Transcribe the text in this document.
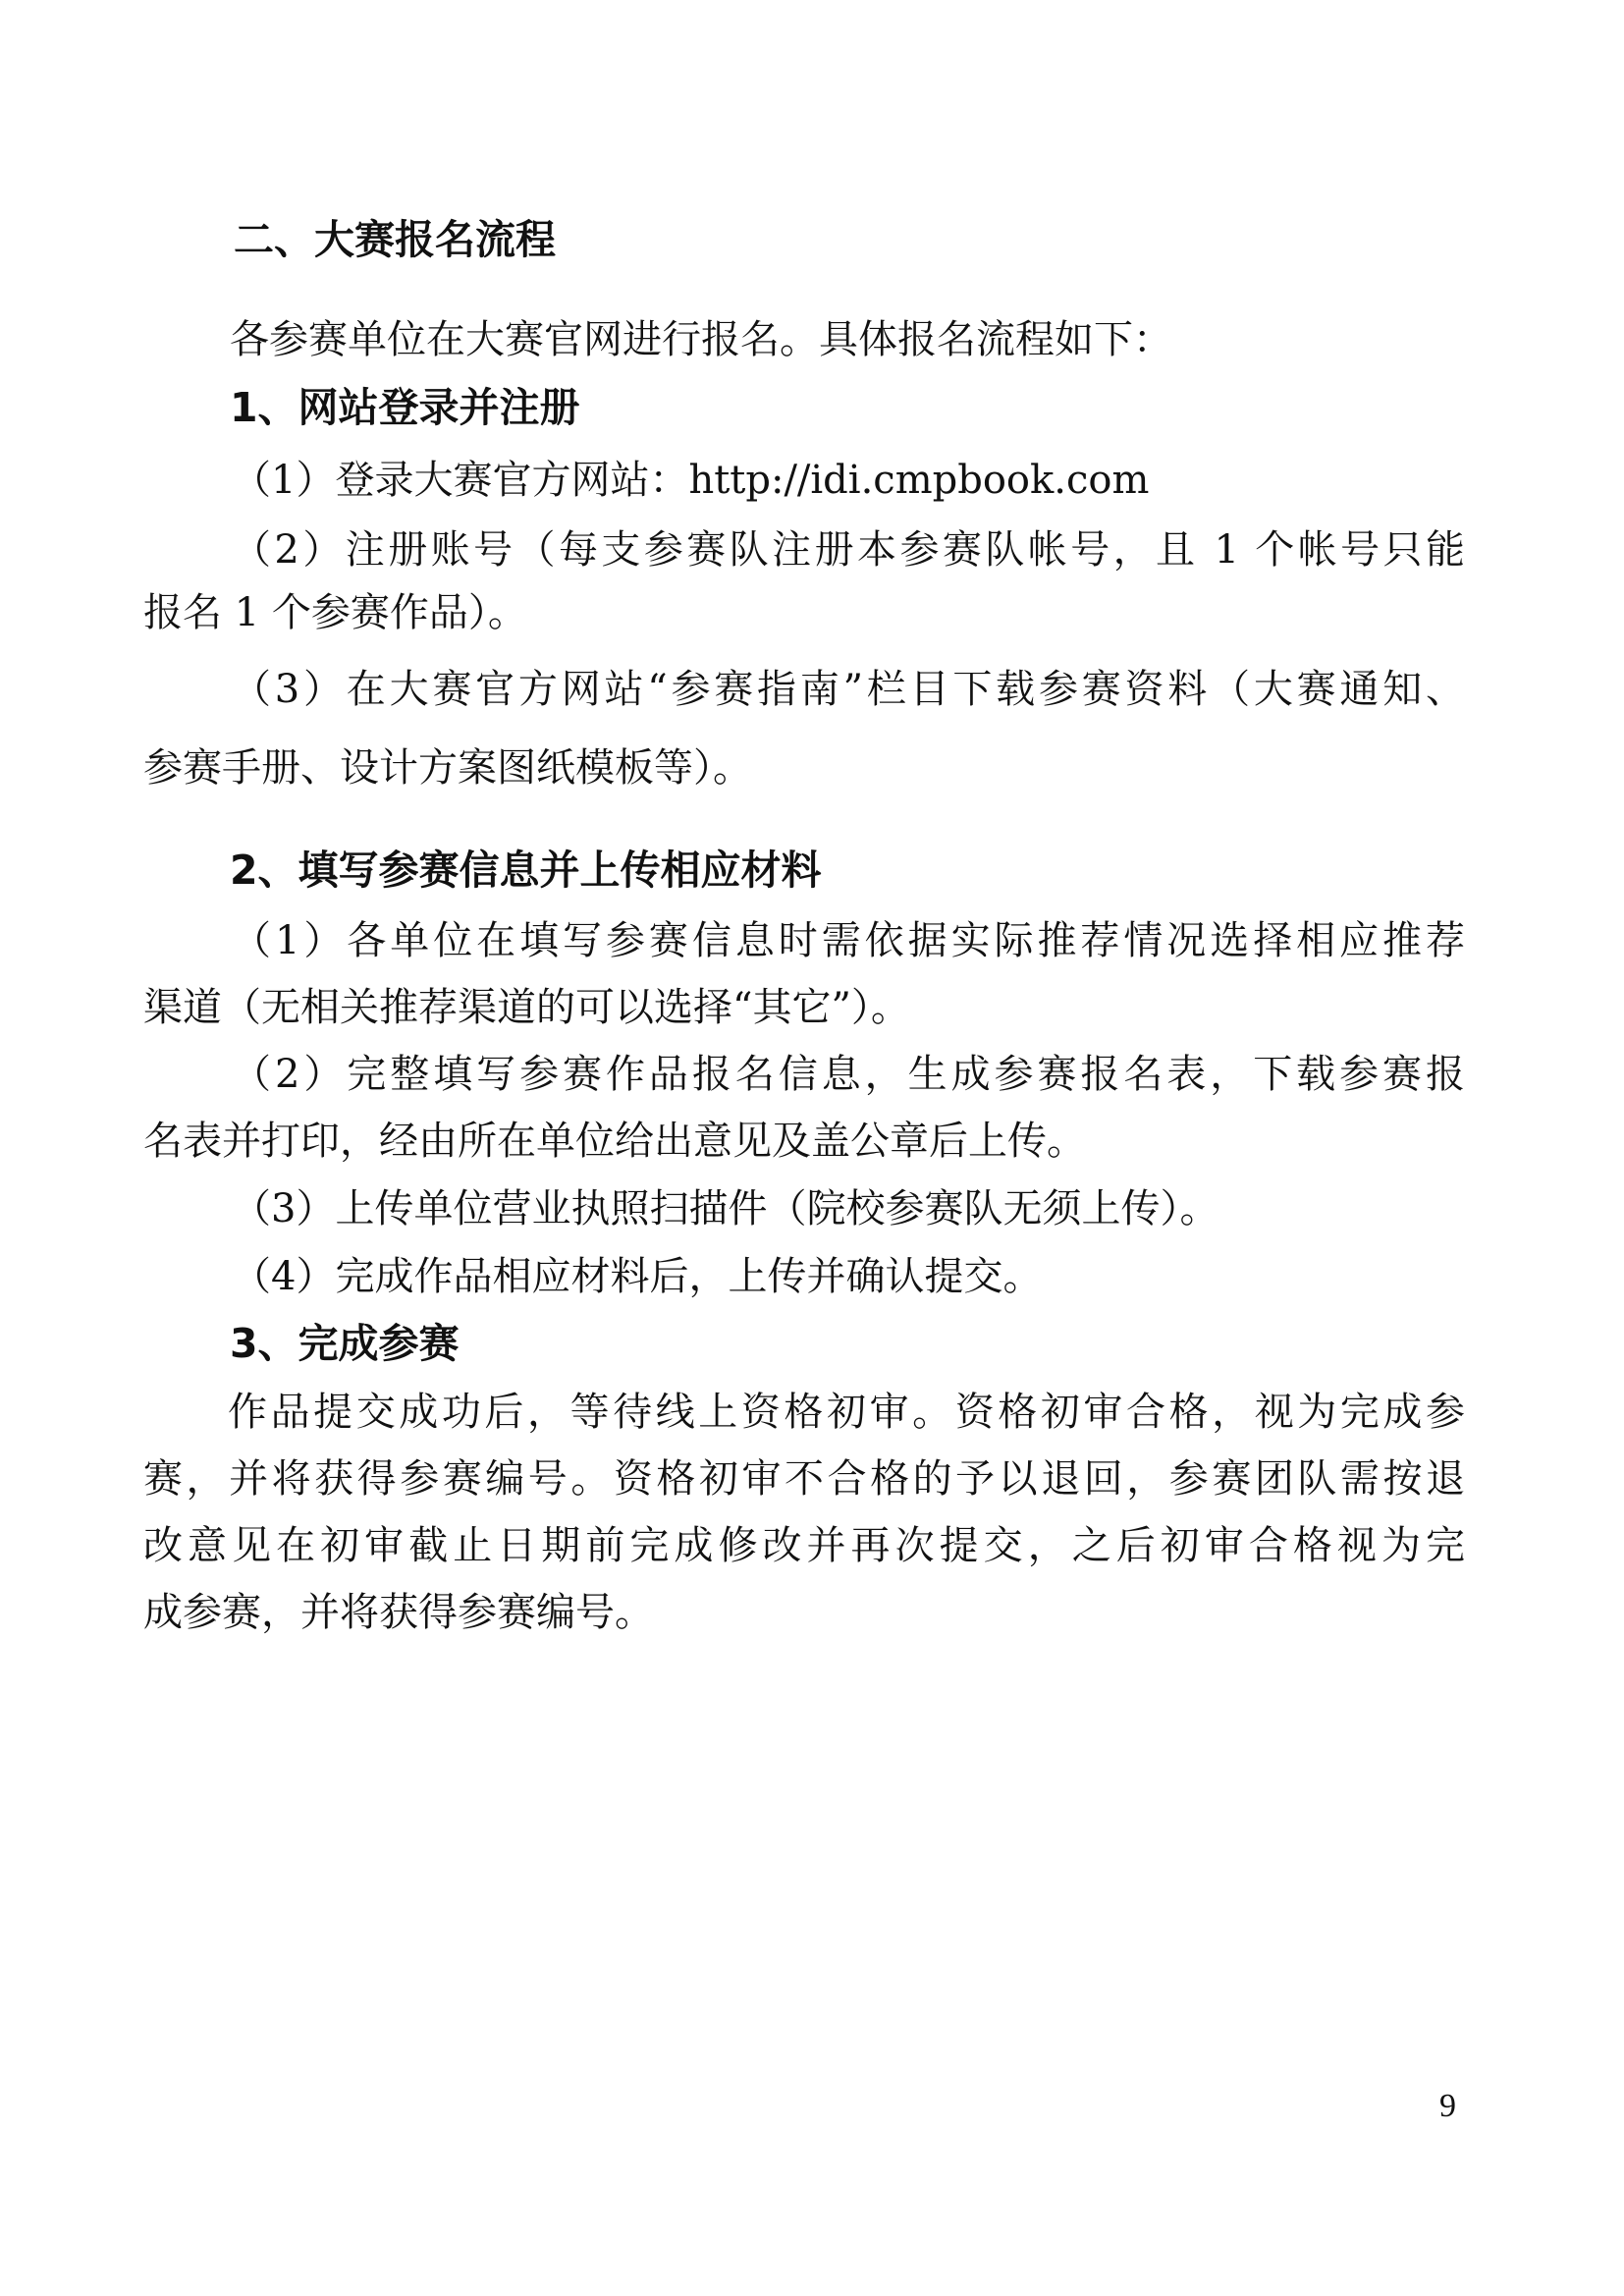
二、大赛报名流程
各参赛单位在大赛官网进行报名。具体报名流程如下：
1、网站登录并注册
（1）登录大赛官方网站：http://idi.cmpbook.com
（2）注册账号（每支参赛队注册本参赛队帐号，且 1 个帐号只能
报名 1 个参赛作品）。
（3）在大赛官方网站“参赛指南”栏目下载参赛资料（大赛通知、
参赛手册、设计方案图纸模板等）。
2、填写参赛信息并上传相应材料
（1）各单位在填写参赛信息时需依据实际推荐情况选择相应推荐
渠道（无相关推荐渠道的可以选择“其它”）。
（2）完整填写参赛作品报名信息，生成参赛报名表，下载参赛报
名表并打印，经由所在单位给出意见及盖公章后上传。
（3）上传单位营业执照扫描件（院校参赛队无须上传）。
（4）完成作品相应材料后，上传并确认提交。
3、完成参赛
作品提交成功后，等待线上资格初审。资格初审合格，视为完成参
赛，并将获得参赛编号。资格初审不合格的予以退回，参赛团队需按退
改意见在初审截止日期前完成修改并再次提交，之后初审合格视为完
成参赛，并将获得参赛编号。
9
